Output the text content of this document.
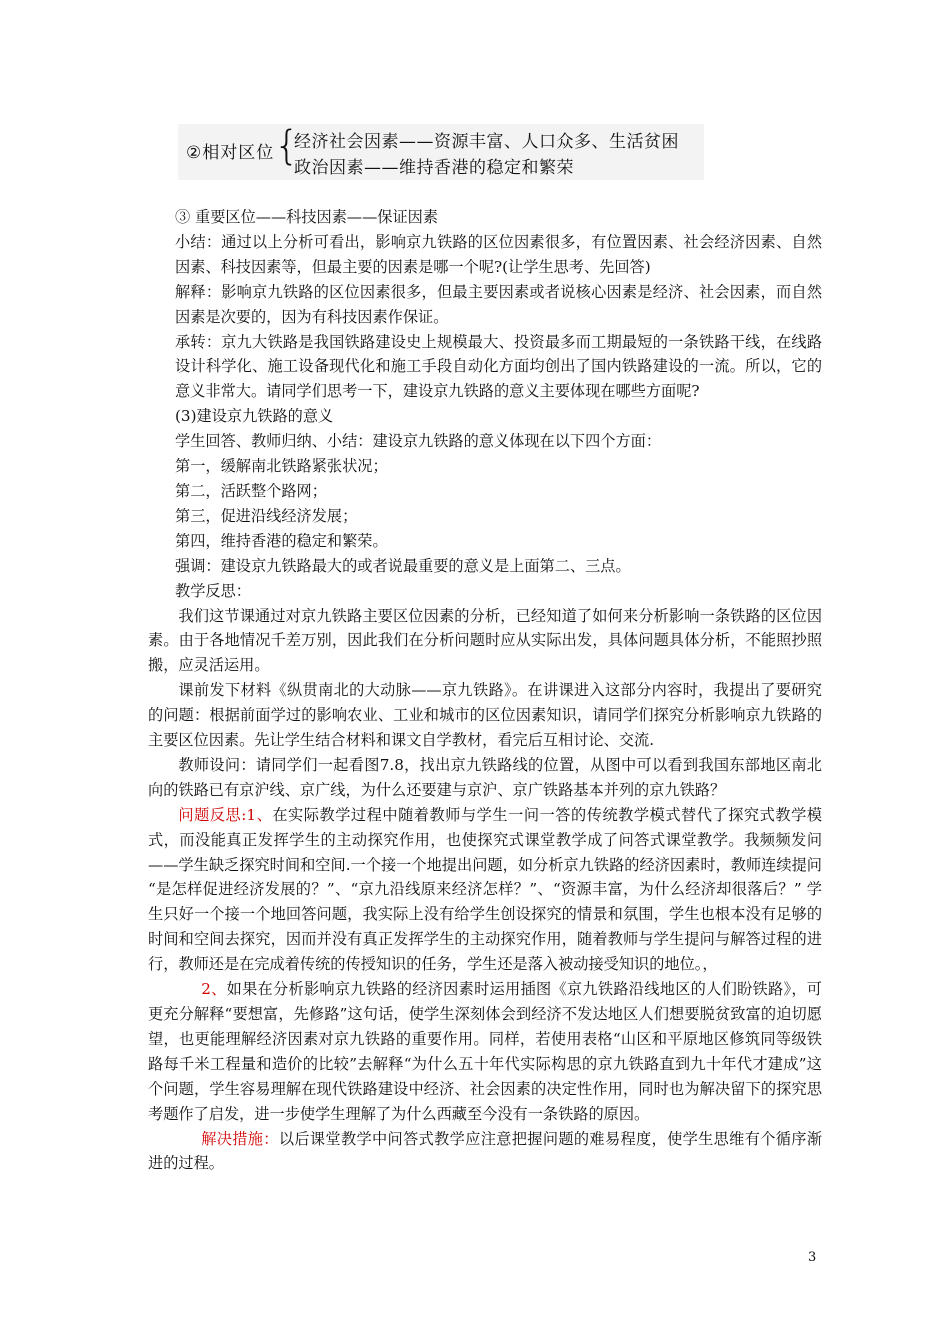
②相对区位 {
经济社会因素——资源丰富、人口众多、生活贫困
政治因素——维持香港的稳定和繁荣

③ 重要区位——科技因素——保证因素

小结：通过以上分析可看出，影响京九铁路的区位因素很多，有位置因素、社会经济因素、自然因素、科技因素等，但最主要的因素是哪一个呢?(让学生思考、先回答)

解释：影响京九铁路的区位因素很多，但最主要因素或者说核心因素是经济、社会因素，而自然因素是次要的，因为有科技因素作保证。

承转：京九大铁路是我国铁路建设史上规模最大、投资最多而工期最短的一条铁路干线，在线路设计科学化、施工设备现代化和施工手段自动化方面均创出了国内铁路建设的一流。所以，它的意义非常大。请同学们思考一下，建设京九铁路的意义主要体现在哪些方面呢?

(3)建设京九铁路的意义

学生回答、教师归纳、小结：建设京九铁路的意义体现在以下四个方面：

第一，缓解南北铁路紧张状况；

第二，活跃整个路网；

第三，促进沿线经济发展；

第四，维持香港的稳定和繁荣。

强调：建设京九铁路最大的或者说最重要的意义是上面第二、三点。

教学反思：

我们这节课通过对京九铁路主要区位因素的分析，已经知道了如何来分析影响一条铁路的区位因素。由于各地情况千差万别，因此我们在分析问题时应从实际出发，具体问题具体分析，不能照抄照搬，应灵活运用。

课前发下材料《纵贯南北的大动脉——京九铁路》。在讲课进入这部分内容时，我提出了要研究的问题：根据前面学过的影响农业、工业和城市的区位因素知识，请同学们探究分析影响京九铁路的主要区位因素。先让学生结合材料和课文自学教材，看完后互相讨论、交流.

教师设问：请同学们一起看图7.8，找出京九铁路线的位置，从图中可以看到我国东部地区南北向的铁路已有京沪线、京广线，为什么还要建与京沪、京广铁路基本并列的京九铁路？

问题反思:1、在实际教学过程中随着教师与学生一问一答的传统教学模式替代了探究式教学模式，而没能真正发挥学生的主动探究作用，也使探究式课堂教学成了问答式课堂教学。我频频发问——学生缺乏探究时间和空间.一个接一个地提出问题，如分析京九铁路的经济因素时，教师连续提问 “是怎样促进经济发展的？”、“京九沿线原来经济怎样？”、“资源丰富，为什么经济却很落后？” 学生只好一个接一个地回答问题，我实际上没有给学生创设探究的情景和氛围，学生也根本没有足够的时间和空间去探究，因而并没有真正发挥学生的主动探究作用，随着教师与学生提问与解答过程的进行，教师还是在完成着传统的传授知识的任务，学生还是落入被动接受知识的地位。，

2、如果在分析影响京九铁路的经济因素时运用插图《京九铁路沿线地区的人们盼铁路》，可更充分解释“要想富，先修路”这句话，使学生深刻体会到经济不发达地区人们想要脱贫致富的迫切愿望，也更能理解经济因素对京九铁路的重要作用。同样，若使用表格“山区和平原地区修筑同等级铁路每千米工程量和造价的比较”去解释“为什么五十年代实际构思的京九铁路直到九十年代才建成”这个问题，学生容易理解在现代铁路建设中经济、社会因素的决定性作用，同时也为解决留下的探究思考题作了启发，进一步使学生理解了为什么西藏至今没有一条铁路的原因。

解决措施：以后课堂教学中问答式教学应注意把握问题的难易程度，使学生思维有个循序渐进的过程。

3
